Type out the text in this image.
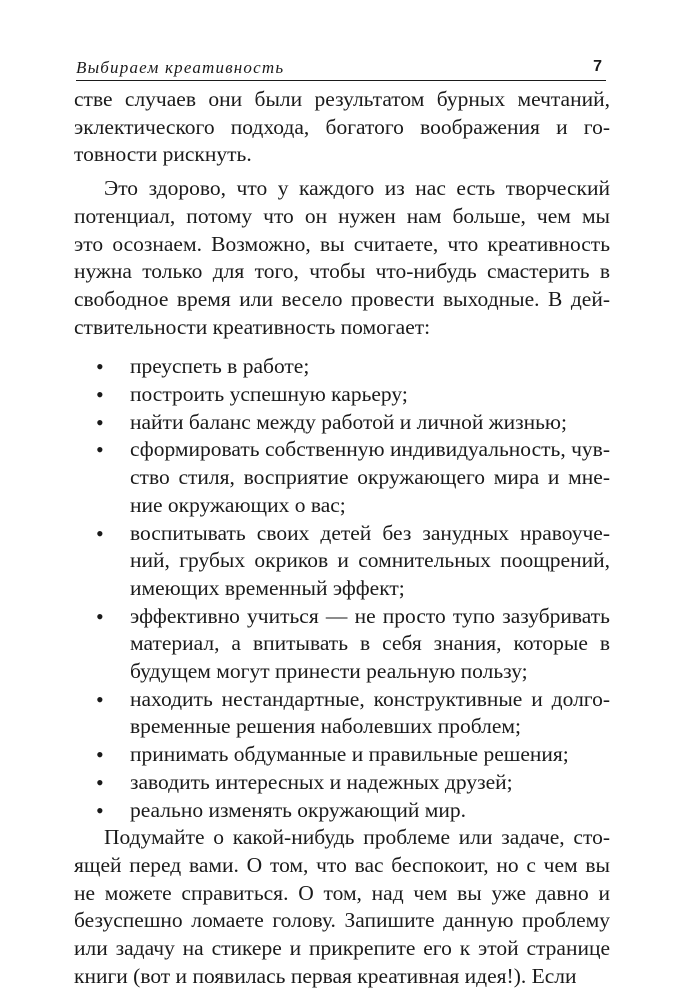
Выбираем креативность	7

стве случаев они были результатом бурных мечтаний,
эклектического подхода, богатого воображения и го-
товности рискнуть.

Это здорово, что у каждого из нас есть творческий
потенциал, потому что он нужен нам больше, чем мы
это осознаем. Возможно, вы считаете, что креативность
нужна только для того, чтобы что-нибудь смастерить в
свободное время или весело провести выходные. В дей-
ствительности креативность помогает:

• преуспеть в работе;
• построить успешную карьеру;
• найти баланс между работой и личной жизнью;
• сформировать собственную индивидуальность, чув-
ство стиля, восприятие окружающего мира и мне-
ние окружающих о вас;
• воспитывать своих детей без занудных нравоуче-
ний, грубых окриков и сомнительных поощрений,
имеющих временный эффект;
• эффективно учиться — не просто тупо зазубривать
материал, а впитывать в себя знания, которые в
будущем могут принести реальную пользу;
• находить нестандартные, конструктивные и долго-
временные решения наболевших проблем;
• принимать обдуманные и правильные решения;
• заводить интересных и надежных друзей;
• реально изменять окружающий мир.

Подумайте о какой-нибудь проблеме или задаче, сто-
ящей перед вами. О том, что вас беспокоит, но с чем вы
не можете справиться. О том, над чем вы уже давно и
безуспешно ломаете голову. Запишите данную проблему
или задачу на стикере и прикрепите его к этой странице
книги (вот и появилась первая креативная идея!). Если
